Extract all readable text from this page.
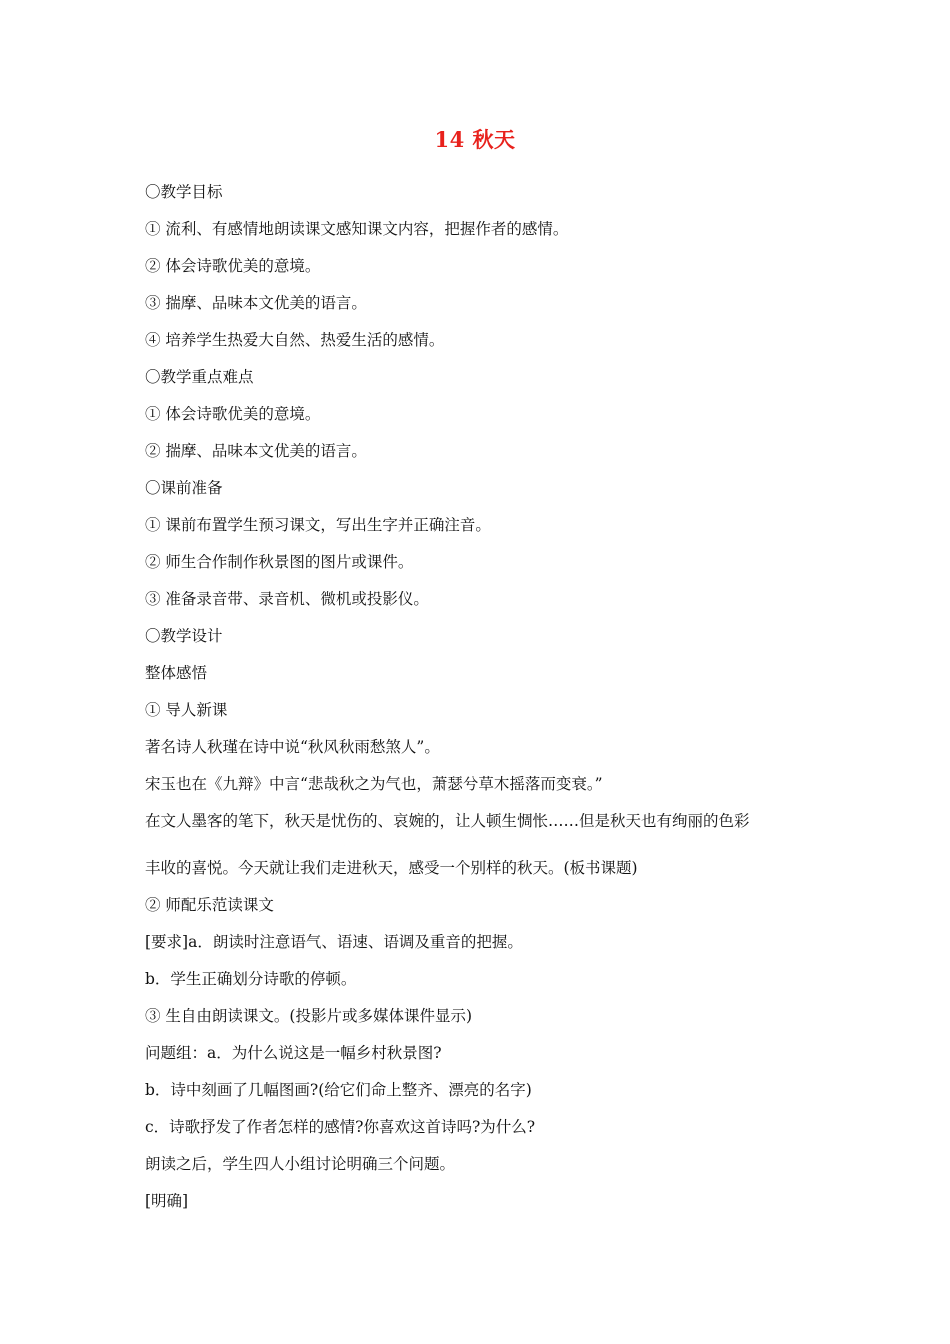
14 秋天
〇教学目标
① 流利、有感情地朗读课文感知课文内容，把握作者的感情。
② 体会诗歌优美的意境。
③ 揣摩、品味本文优美的语言。
④ 培养学生热爱大自然、热爱生活的感情。
〇教学重点难点
① 体会诗歌优美的意境。
② 揣摩、品味本文优美的语言。
〇课前准备
① 课前布置学生预习课文，写出生字并正确注音。
② 师生合作制作秋景图的图片或课件。
③ 准备录音带、录音机、微机或投影仪。
〇教学设计
整体感悟
① 导人新课
著名诗人秋瑾在诗中说“秋风秋雨愁煞人”。
宋玉也在《九辩》中言“悲哉秋之为气也，萧瑟兮草木摇落而变衰。”
在文人墨客的笔下，秋天是忧伤的、哀婉的，让人顿生惆怅……但是秋天也有绚丽的色彩
丰收的喜悦。今天就让我们走进秋天，感受一个别样的秋天。(板书课题)
② 师配乐范读课文
[要求]a．朗读时注意语气、语速、语调及重音的把握。
b．学生正确划分诗歌的停顿。
③ 生自由朗读课文。(投影片或多媒体课件显示)
问题组：a．为什么说这是一幅乡村秋景图?
b．诗中刻画了几幅图画?(给它们命上整齐、漂亮的名字)
c．诗歌抒发了作者怎样的感情?你喜欢这首诗吗?为什么?
朗读之后，学生四人小组讨论明确三个问题。
[明确]
